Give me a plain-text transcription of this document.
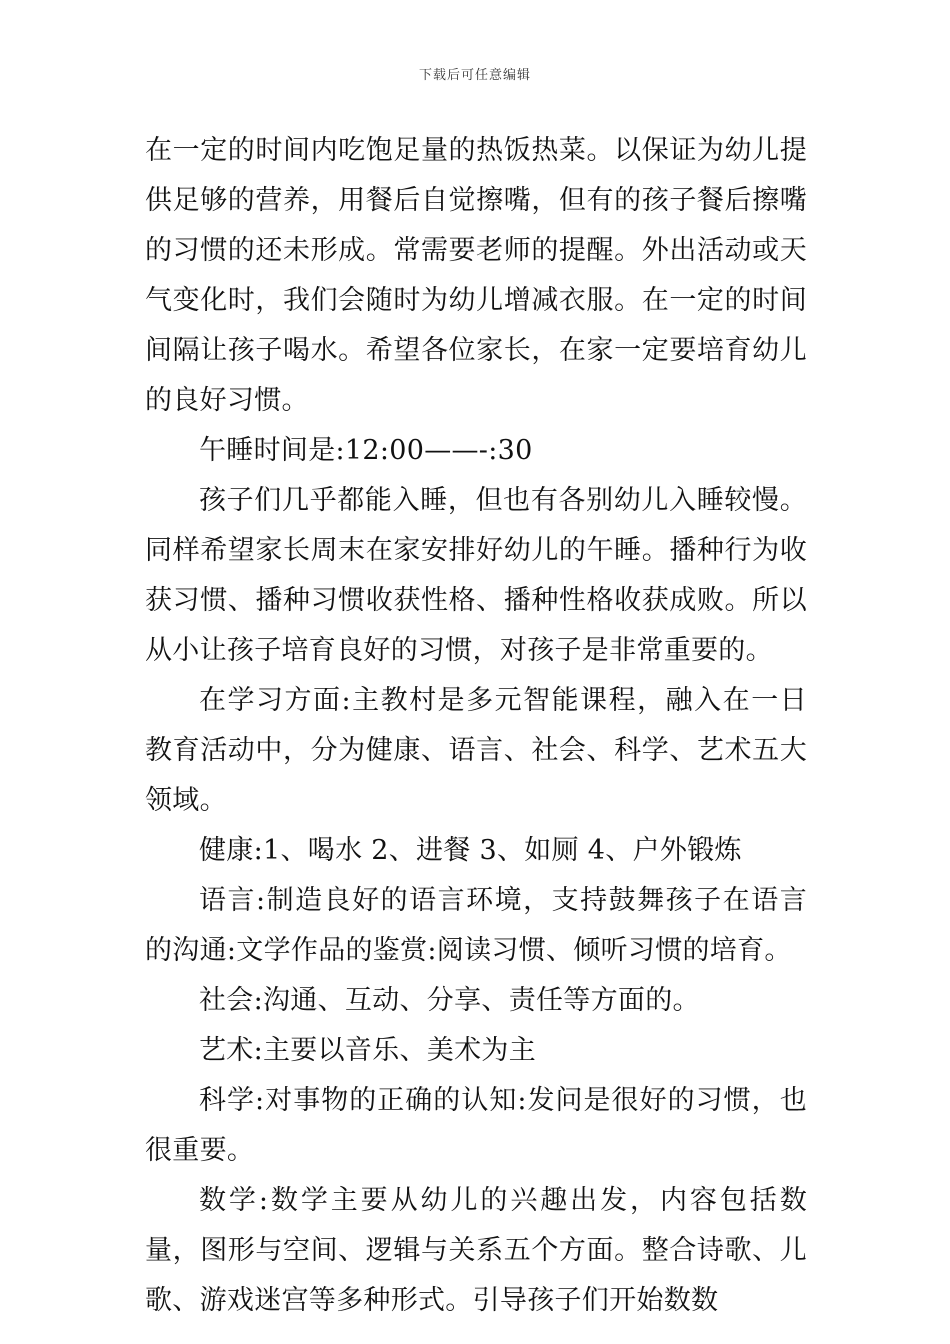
下载后可任意编辑

在一定的时间内吃饱足量的热饭热菜。以保证为幼儿提供足够的营养，用餐后自觉擦嘴，但有的孩子餐后擦嘴的习惯的还未形成。常需要老师的提醒。外出活动或天气变化时，我们会随时为幼儿增减衣服。在一定的时间间隔让孩子喝水。希望各位家长，在家一定要培育幼儿的良好习惯。

午睡时间是:12:00——-:30

孩子们几乎都能入睡，但也有各别幼儿入睡较慢。同样希望家长周末在家安排好幼儿的午睡。播种行为收获习惯、播种习惯收获性格、播种性格收获成败。所以从小让孩子培育良好的习惯，对孩子是非常重要的。

在学习方面:主教村是多元智能课程，融入在一日教育活动中，分为健康、语言、社会、科学、艺术五大领域。

健康:1、喝水 2、进餐 3、如厕 4、户外锻炼

语言:制造良好的语言环境，支持鼓舞孩子在语言的沟通:文学作品的鉴赏:阅读习惯、倾听习惯的培育。

社会:沟通、互动、分享、责任等方面的。

艺术:主要以音乐、美术为主

科学:对事物的正确的认知:发问是很好的习惯，也很重要。

数学:数学主要从幼儿的兴趣出发，内容包括数量，图形与空间、逻辑与关系五个方面。整合诗歌、儿歌、游戏迷宫等多种形式。引导孩子们开始数数
